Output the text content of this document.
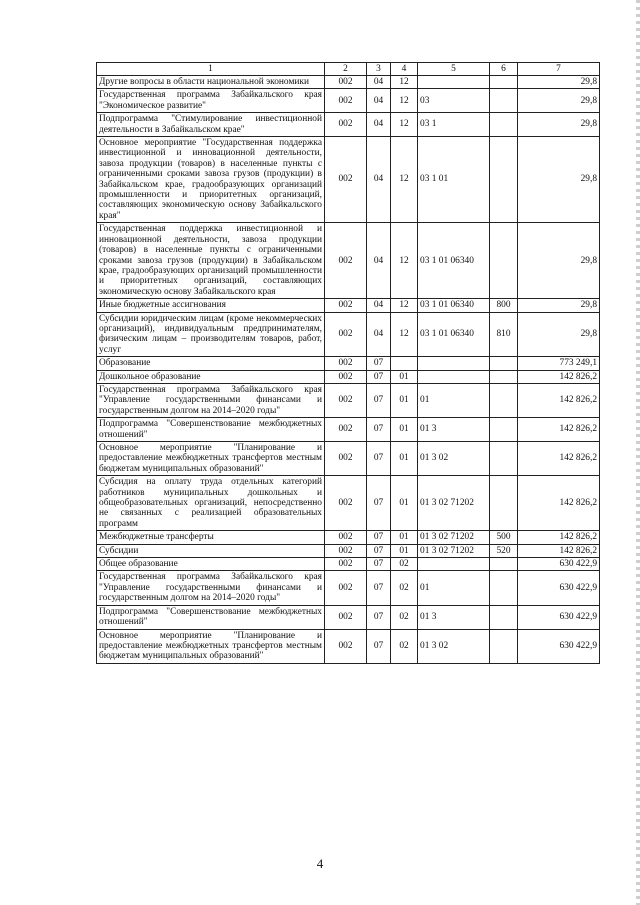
1	2	3	4	5	6	7
Другие вопросы в области национальной экономики	002	04	12			29,8
Государственная программа Забайкальского края "Экономическое развитие"	002	04	12	03		29,8
Подпрограмма "Стимулирование инвестиционной деятельности в Забайкальском крае"	002	04	12	03 1		29,8
Основное мероприятие "Государственная поддержка инвестиционной и инновационной деятельности, завоза продукции (товаров) в населенные пункты с ограниченными сроками завоза грузов (продукции) в Забайкальском крае, градообразующих организаций промышленности и приоритетных организаций, составляющих экономическую основу Забайкальского края"	002	04	12	03 1 01		29,8
Государственная поддержка инвестиционной и инновационной деятельности, завоза продукции (товаров) в населенные пункты с ограниченными сроками завоза грузов (продукции) в Забайкальском крае, градообразующих организаций промышленности и приоритетных организаций, составляющих экономическую основу Забайкальского края	002	04	12	03 1 01 06340		29,8
Иные бюджетные ассигнования	002	04	12	03 1 01 06340	800	29,8
Субсидии юридическим лицам (кроме некоммерческих организаций), индивидуальным предпринимателям, физическим лицам – производителям товаров, работ, услуг	002	04	12	03 1 01 06340	810	29,8
Образование	002	07				773 249,1
Дошкольное образование	002	07	01			142 826,2
Государственная программа Забайкальского края "Управление государственными финансами и государственным долгом на 2014–2020 годы"	002	07	01	01		142 826,2
Подпрограмма "Совершенствование межбюджетных отношений"	002	07	01	01 3		142 826,2
Основное мероприятие "Планирование и предоставление межбюджетных трансфертов местным бюджетам муниципальных образований"	002	07	01	01 3 02		142 826,2
Субсидия на оплату труда отдельных категорий работников муниципальных дошкольных и общеобразовательных организаций, непосредственно не связанных с реализацией образовательных программ	002	07	01	01 3 02 71202		142 826,2
Межбюджетные трансферты	002	07	01	01 3 02 71202	500	142 826,2
Субсидии	002	07	01	01 3 02 71202	520	142 826,2
Общее образование	002	07	02			630 422,9
Государственная программа Забайкальского края "Управление государственными финансами и государственным долгом на 2014–2020 годы"	002	07	02	01		630 422,9
Подпрограмма "Совершенствование межбюджетных отношений"	002	07	02	01 3		630 422,9
Основное мероприятие "Планирование и предоставление межбюджетных трансфертов местным бюджетам муниципальных образований"	002	07	02	01 3 02		630 422,9
4
